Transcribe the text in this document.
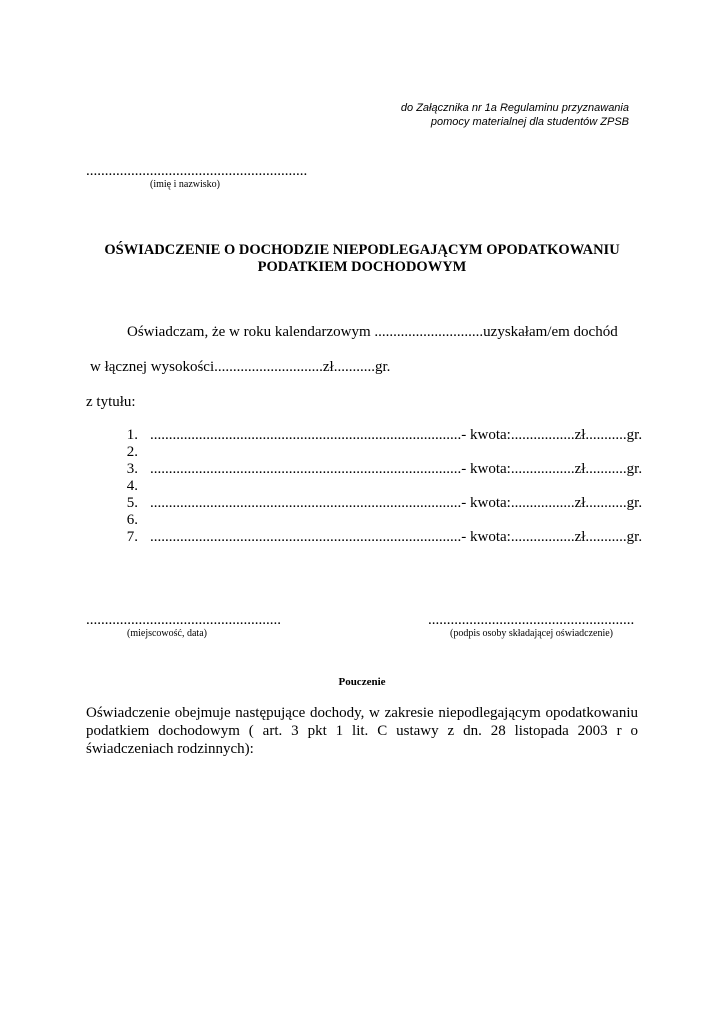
do Załącznika nr 1a Regulaminu przyznawania
pomocy materialnej dla studentów ZPSB
...........................................................
(imię i nazwisko)
OŚWIADCZENIE O DOCHODZIE NIEPODLEGAJĄCYM OPODATKOWANIU
PODATKIEM DOCHODOWYM
Oświadczam, że w roku kalendarzowym .............................uzyskałam/em dochód
w łącznej wysokości.............................zł...........gr.
z tytułu:
1. ...................................................................................- kwota:.................zł...........gr.
2.
3. ...................................................................................- kwota:.................zł...........gr.
4.
5. ...................................................................................- kwota:.................zł...........gr.
6.
7. ...................................................................................- kwota:.................zł...........gr.
....................................................
(miejscowość, data)
.......................................................
(podpis osoby składającej oświadczenie)
Pouczenie
Oświadczenie obejmuje następujące dochody, w zakresie niepodlegającym opodatkowaniu podatkiem dochodowym ( art. 3 pkt 1 lit. C ustawy z dn. 28 listopada 2003 r o świadczeniach rodzinnych):
